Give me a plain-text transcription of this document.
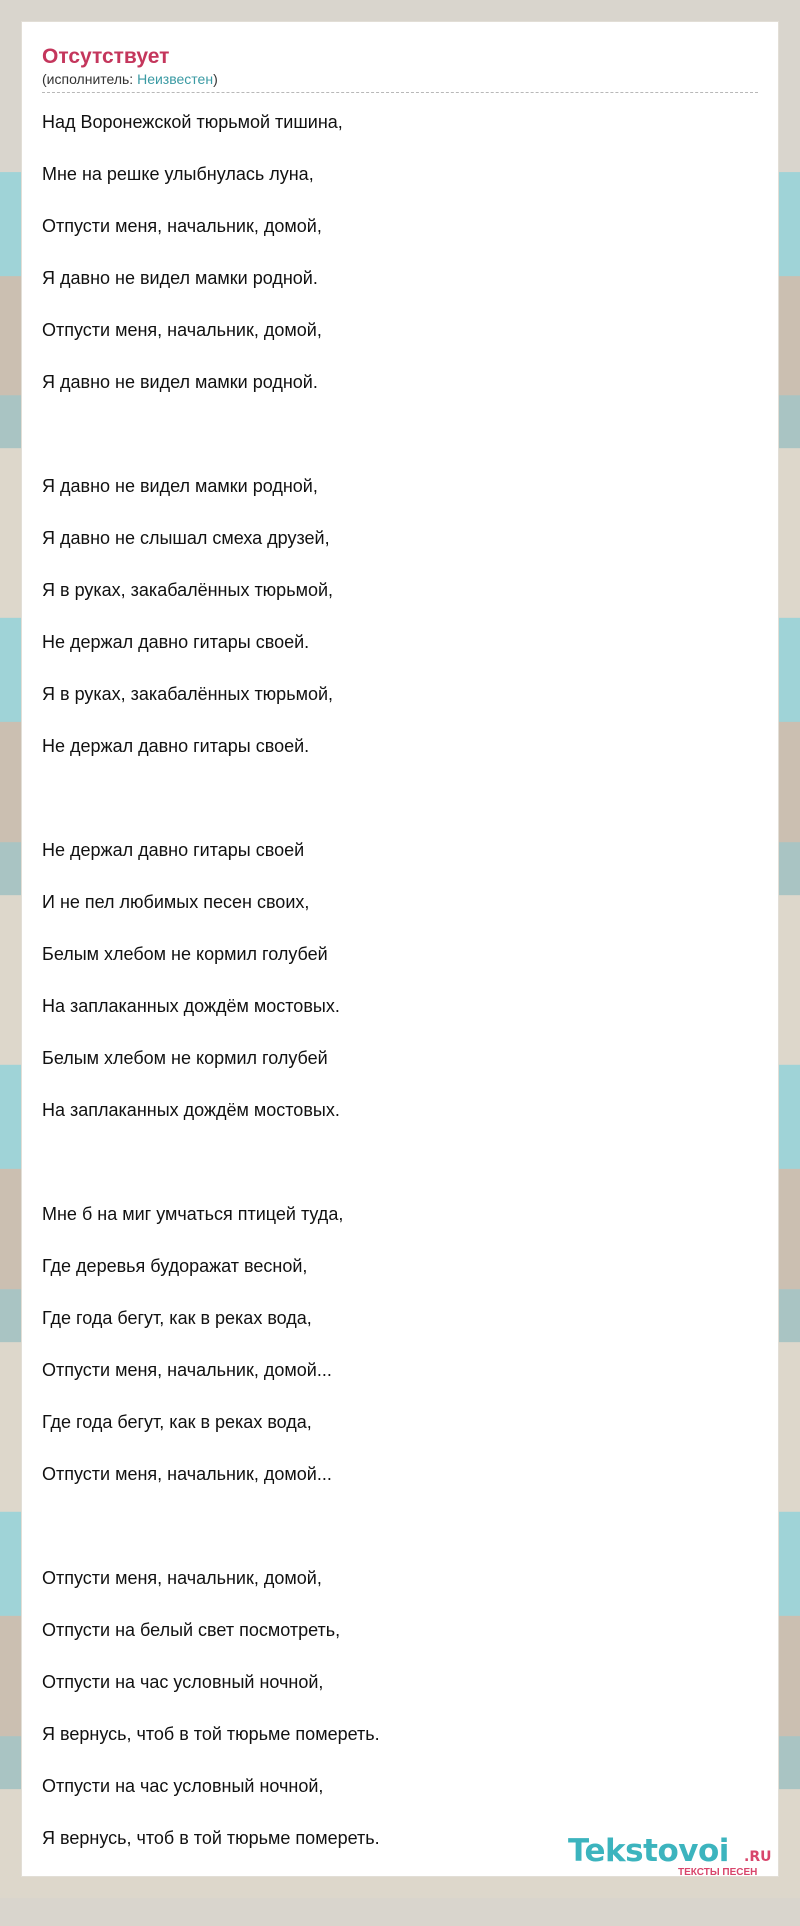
Отсутствует
(исполнитель: Неизвестен)
Над Воронежской тюрьмой тишина,
Мне на решке улыбнулась луна,
Отпусти меня, начальник, домой,
Я давно не видел мамки родной.
Отпусти меня, начальник, домой,
Я давно не видел мамки родной.
Я давно не видел мамки родной,
Я давно не слышал смеха друзей,
Я в руках, закабалённых тюрьмой,
Не держал давно гитары своей.
Я в руках, закабалённых тюрьмой,
Не держал давно гитары своей.
Не держал давно гитары своей
И не пел любимых песен своих,
Белым хлебом не кормил голубей
На заплаканных дождём мостовых.
Белым хлебом не кормил голубей
На заплаканных дождём мостовых.
Мне б на миг умчаться птицей туда,
Где деревья будоражат весной,
Где года бегут, как в реках вода,
Отпусти меня, начальник, домой...
Где года бегут, как в реках вода,
Отпусти меня, начальник, домой...
Отпусти меня, начальник, домой,
Отпусти на белый свет посмотреть,
Отпусти на час условный ночной,
Я вернусь, чтоб в той тюрьме помереть.
Отпусти на час условный ночной,
Я вернусь, чтоб в той тюрьме помереть.	Tekstovoi .RU
ТЕКСТЫ ПЕСЕН
